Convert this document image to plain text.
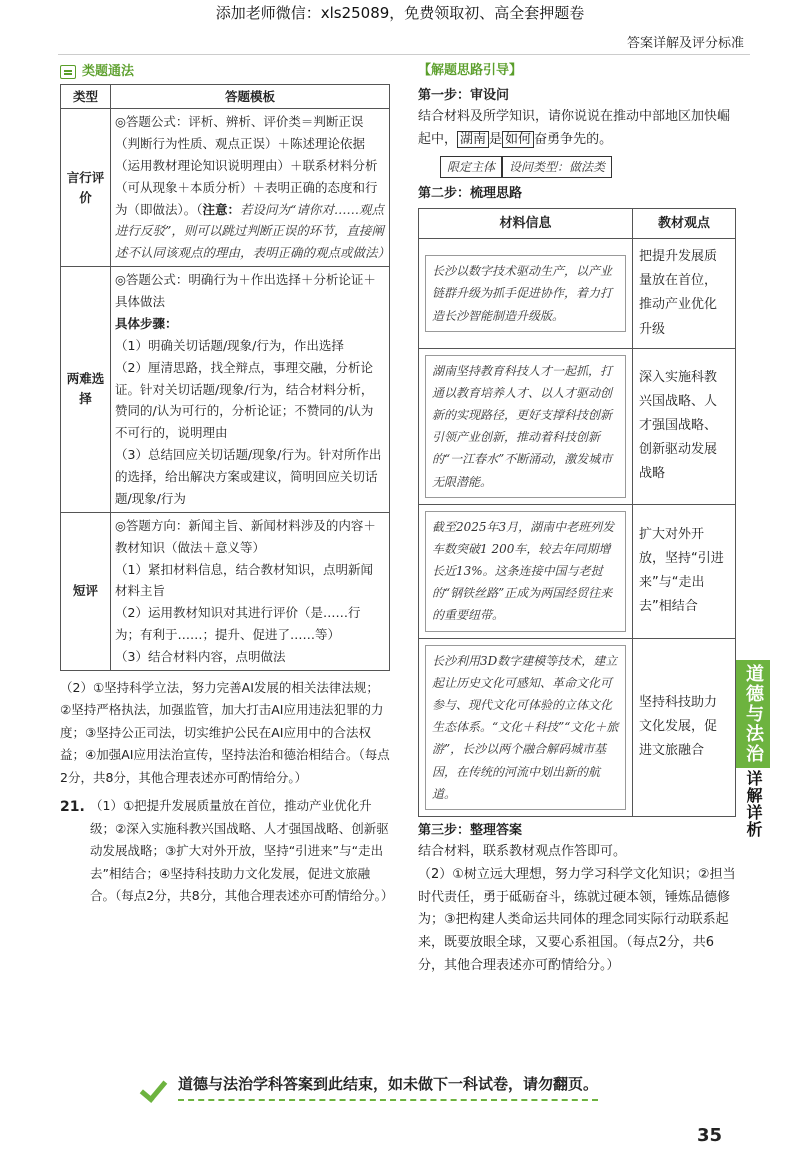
添加老师微信：xls25089，免费领取初、高全套押题卷
答案详解及评分标准
道德与法治
详解详析
类题通法
类型	答题模板
言行评价	◎答题公式：评析、辨析、评价类＝判断正误（判断行为性质、观点正误）＋陈述理论依据（运用教材理论知识说明理由）＋联系材料分析（可从现象＋本质分析）＋表明正确的态度和行为（即做法）。（注意：若设问为“请你对……观点进行反驳”，则可以跳过判断正误的环节，直接阐述不认同该观点的理由，表明正确的观点或做法）
两难选择	◎答题公式：明确行为＋作出选择＋分析论证＋具体做法
具体步骤：
（1）明确关切话题/现象/行为，作出选择
（2）厘清思路，找全辩点，事理交融，分析论证。针对关切话题/现象/行为，结合材料分析，赞同的/认为可行的，分析论证；不赞同的/认为不可行的，说明理由
（3）总结回应关切话题/现象/行为。针对所作出的选择，给出解决方案或建议，简明回应关切话题/现象/行为

短评	◎答题方向：新闻主旨、新闻材料涉及的内容＋教材知识（做法＋意义等）
（1）紧扣材料信息，结合教材知识，点明新闻材料主旨
（2）运用教材知识对其进行评价（是……行为；有利于……；提升、促进了……等）
（3）结合材料内容，点明做法
（2）①坚持科学立法，努力完善AI发展的相关法律法规；②坚持严格执法，加强监管，加大打击AI应用违法犯罪的力度；③坚持公正司法，切实维护公民在AI应用中的合法权益；④加强AI应用法治宣传，坚持法治和德治相结合。（每点2分，共8分，其他合理表述亦可酌情给分。）
21. （1）①把提升发展质量放在首位，推动产业优化升级；②深入实施科教兴国战略、人才强国战略、创新驱动发展战略；③扩大对外开放，坚持“引进来”与“走出去”相结合；④坚持科技助力文化发展，促进文旅融合。（每点2分，共8分，其他合理表述亦可酌情给分。）
【解题思路引导】
第一步：审设问
结合材料及所学知识，请你说说在推动中部地区加快崛起中， 湖南 是 如何 奋勇争先的。
限定主体	设问类型：做法类
第二步：梳理思路
材料信息	教材观点

长沙以数字技术驱动生产，以产业链群升级为抓手促进协作，着力打造长沙智能制造升级版。	把提升发展质量放在首位，推动产业优化升级

湖南坚持教育科技人才一起抓，打通以教育培养人才、以人才驱动创新的实现路径，更好支撑科技创新引领产业创新，推动着科技创新的“一江春水”不断涌动，激发城市无限潜能。	深入实施科教兴国战略、人才强国战略、创新驱动发展战略

截至2025年3月，湖南中老班列发车数突破1 200车，较去年同期增长近13%。这条连接中国与老挝的“钢铁丝路”正成为两国经贸往来的重要纽带。	扩大对外开放，坚持“引进来”与“走出去”相结合

长沙利用3D数字建模等技术，建立起让历史文化可感知、革命文化可参与、现代文化可体验的立体文化生态体系。“文化＋科技”“文化＋旅游”，长沙以两个融合解码城市基因，在传统的河流中划出新的航道。	坚持科技助力文化发展，促进文旅融合
第三步：整理答案
结合材料，联系教材观点作答即可。
（2）①树立远大理想，努力学习科学文化知识；②担当时代责任，勇于砥砺奋斗，练就过硬本领，锤炼品德修为；③把构建人类命运共同体的理念同实际行动联系起来，既要放眼全球，又要心系祖国。（每点2分，共6分，其他合理表述亦可酌情给分。）
道德与法治学科答案到此结束，如未做下一科试卷，请勿翻页。
35
